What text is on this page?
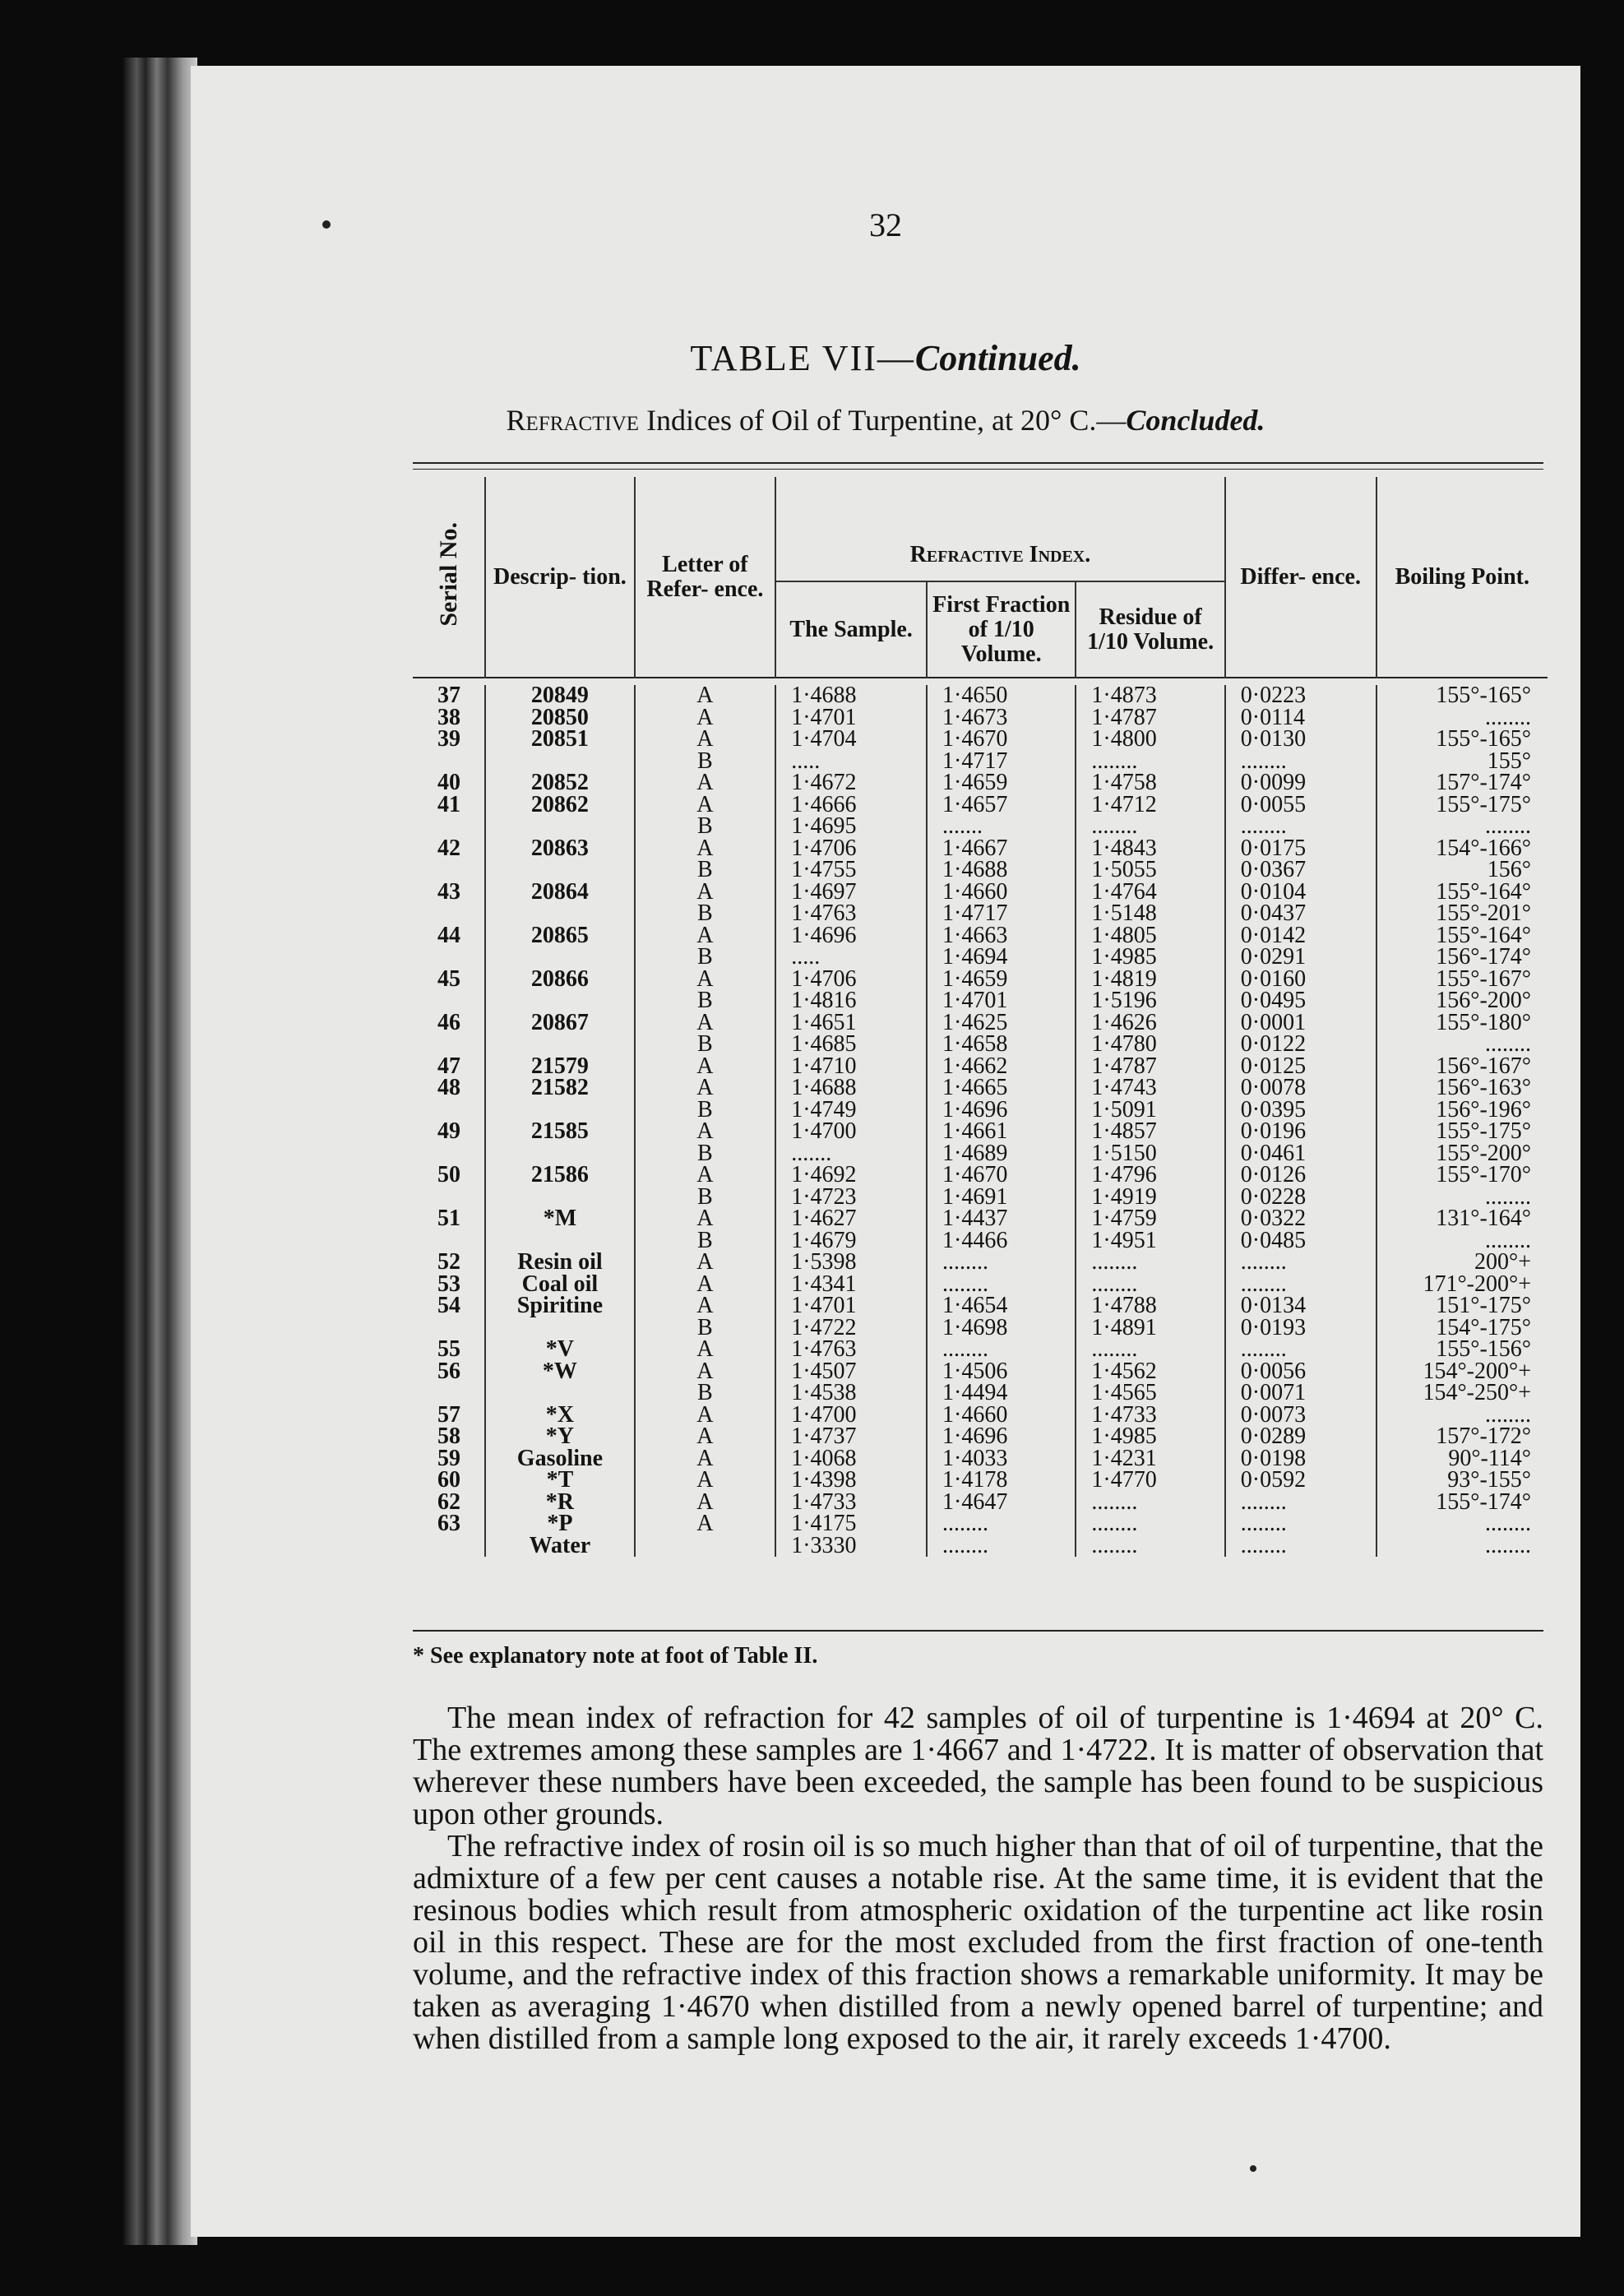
32
TABLE VII—Continued.
Refractive Indices of Oil of Turpentine, at 20° C.—Concluded.
Serial No.	Descrip- tion.	Letter of Refer- ence.	Refractive Index.			Differ- ence.	Boiling Point.
			The Sample.	First Fraction of 1/10 Volume.	Residue of 1/10 Volume.		

37	20849	A	1·4688	1·4650	1·4873	0·0223	155°-165°
38	20850	A	1·4701	1·4673	1·4787	0·0114	........
39	20851	A	1·4704	1·4670	1·4800	0·0130	155°-165°
		B	.....	1·4717	........	........	155°
40	20852	A	1·4672	1·4659	1·4758	0·0099	157°-174°
41	20862	A	1·4666	1·4657	1·4712	0·0055	155°-175°
		B	1·4695	.......	........	........	........
42	20863	A	1·4706	1·4667	1·4843	0·0175	154°-166°
		B	1·4755	1·4688	1·5055	0·0367	156°
43	20864	A	1·4697	1·4660	1·4764	0·0104	155°-164°
		B	1·4763	1·4717	1·5148	0·0437	155°-201°
44	20865	A	1·4696	1·4663	1·4805	0·0142	155°-164°
		B	.....	1·4694	1·4985	0·0291	156°-174°
45	20866	A	1·4706	1·4659	1·4819	0·0160	155°-167°
		B	1·4816	1·4701	1·5196	0·0495	156°-200°
46	20867	A	1·4651	1·4625	1·4626	0·0001	155°-180°
		B	1·4685	1·4658	1·4780	0·0122	........
47	21579	A	1·4710	1·4662	1·4787	0·0125	156°-167°
48	21582	A	1·4688	1·4665	1·4743	0·0078	156°-163°
		B	1·4749	1·4696	1·5091	0·0395	156°-196°
49	21585	A	1·4700	1·4661	1·4857	0·0196	155°-175°
		B	.......	1·4689	1·5150	0·0461	155°-200°
50	21586	A	1·4692	1·4670	1·4796	0·0126	155°-170°
		B	1·4723	1·4691	1·4919	0·0228	........
51	*M	A	1·4627	1·4437	1·4759	0·0322	131°-164°
		B	1·4679	1·4466	1·4951	0·0485	........
52	Resin oil	A	1·5398	........	........	........	200°+
53	Coal oil	A	1·4341	........	........	........	171°-200°+
54	Spiritine	A	1·4701	1·4654	1·4788	0·0134	151°-175°
		B	1·4722	1·4698	1·4891	0·0193	154°-175°
55	*V	A	1·4763	........	........	........	155°-156°
56	*W	A	1·4507	1·4506	1·4562	0·0056	154°-200°+
		B	1·4538	1·4494	1·4565	0·0071	154°-250°+
57	*X	A	1·4700	1·4660	1·4733	0·0073	........
58	*Y	A	1·4737	1·4696	1·4985	0·0289	157°-172°
59	Gasoline	A	1·4068	1·4033	1·4231	0·0198	90°-114°
60	*T	A	1·4398	1·4178	1·4770	0·0592	93°-155°
62	*R	A	1·4733	1·4647	........	........	155°-174°
63	*P	A	1·4175	........	........	........	........
	Water		1·3330	........	........	........	........
* See explanatory note at foot of Table II.

The mean index of refraction for 42 samples of oil of turpentine is 1·4694 at 20° C. The extremes among these samples are 1·4667 and 1·4722. It is matter of observation that wherever these numbers have been exceeded, the sample has been found to be suspicious upon other grounds.

The refractive index of rosin oil is so much higher than that of oil of turpentine, that the admixture of a few per cent causes a notable rise. At the same time, it is evident that the resinous bodies which result from atmospheric oxidation of the turpentine act like rosin oil in this respect. These are for the most excluded from the first fraction of one-tenth volume, and the refractive index of this fraction shows a remarkable uniformity. It may be taken as averaging 1·4670 when distilled from a newly opened barrel of turpentine; and when distilled from a sample long exposed to the air, it rarely exceeds 1·4700.
